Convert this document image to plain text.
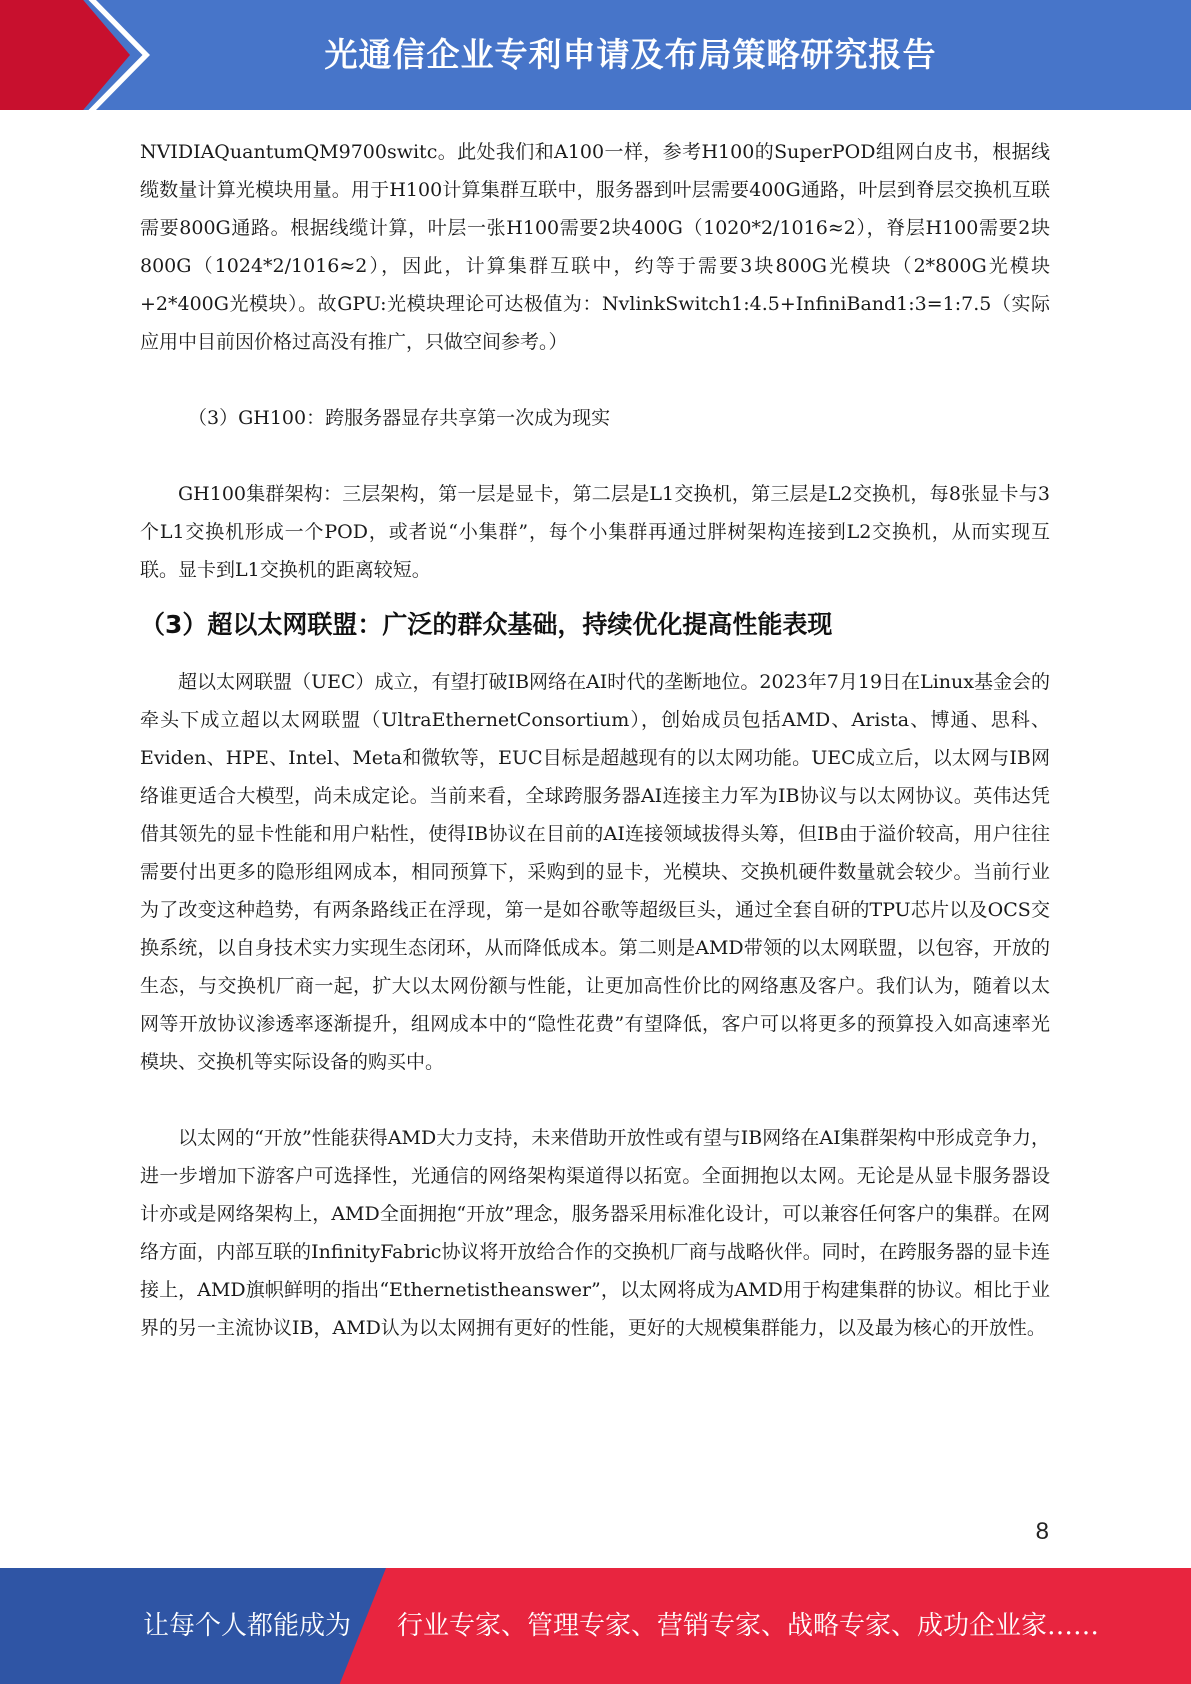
光通信企业专利申请及布局策略研究报告

NVIDIAQuantumQM9700switc。此处我们和A100一样，参考H100的SuperPOD组网白皮书，根据线缆数量计算光模块用量。用于H100计算集群互联中，服务器到叶层需要400G通路，叶层到脊层交换机互联需要800G通路。根据线缆计算，叶层一张H100需要2块400G（1020*2/1016≈2），脊层H100需要2块800G（1024*2/1016≈2），因此，计算集群互联中，约等于需要3块800G光模块（2*800G光模块+2*400G光模块）。故GPU:光模块理论可达极值为：NvlinkSwitch1:4.5+InfiniBand1:3=1:7.5（实际应用中目前因价格过高没有推广，只做空间参考。）

（3）GH100：跨服务器显存共享第一次成为现实

GH100集群架构：三层架构，第一层是显卡，第二层是L1交换机，第三层是L2交换机，每8张显卡与3个L1交换机形成一个POD，或者说“小集群”，每个小集群再通过胖树架构连接到L2交换机，从而实现互联。显卡到L1交换机的距离较短。

（3）超以太网联盟：广泛的群众基础，持续优化提高性能表现

超以太网联盟（UEC）成立，有望打破IB网络在AI时代的垄断地位。2023年7月19日在Linux基金会的牵头下成立超以太网联盟（UltraEthernetConsortium），创始成员包括AMD、Arista、博通、思科、Eviden、HPE、Intel、Meta和微软等，EUC目标是超越现有的以太网功能。UEC成立后，以太网与IB网络谁更适合大模型，尚未成定论。当前来看，全球跨服务器AI连接主力军为IB协议与以太网协议。英伟达凭借其领先的显卡性能和用户粘性，使得IB协议在目前的AI连接领域拔得头筹，但IB由于溢价较高，用户往往需要付出更多的隐形组网成本，相同预算下，采购到的显卡，光模块、交换机硬件数量就会较少。当前行业为了改变这种趋势，有两条路线正在浮现，第一是如谷歌等超级巨头，通过全套自研的TPU芯片以及OCS交换系统，以自身技术实力实现生态闭环，从而降低成本。第二则是AMD带领的以太网联盟，以包容，开放的生态，与交换机厂商一起，扩大以太网份额与性能，让更加高性价比的网络惠及客户。我们认为，随着以太网等开放协议渗透率逐渐提升，组网成本中的“隐性花费”有望降低，客户可以将更多的预算投入如高速率光模块、交换机等实际设备的购买中。

以太网的“开放”性能获得AMD大力支持，未来借助开放性或有望与IB网络在AI集群架构中形成竞争力，进一步增加下游客户可选择性，光通信的网络架构渠道得以拓宽。全面拥抱以太网。无论是从显卡服务器设计亦或是网络架构上，AMD全面拥抱“开放”理念，服务器采用标准化设计，可以兼容任何客户的集群。在网络方面，内部互联的InfinityFabric协议将开放给合作的交换机厂商与战略伙伴。同时，在跨服务器的显卡连接上，AMD旗帜鲜明的指出“Ethernetistheanswer”，以太网将成为AMD用于构建集群的协议。相比于业界的另一主流协议IB，AMD认为以太网拥有更好的性能，更好的大规模集群能力，以及最为核心的开放性。

8
让每个人都能成为 行业专家、管理专家、营销专家、战略专家、成功企业家……
